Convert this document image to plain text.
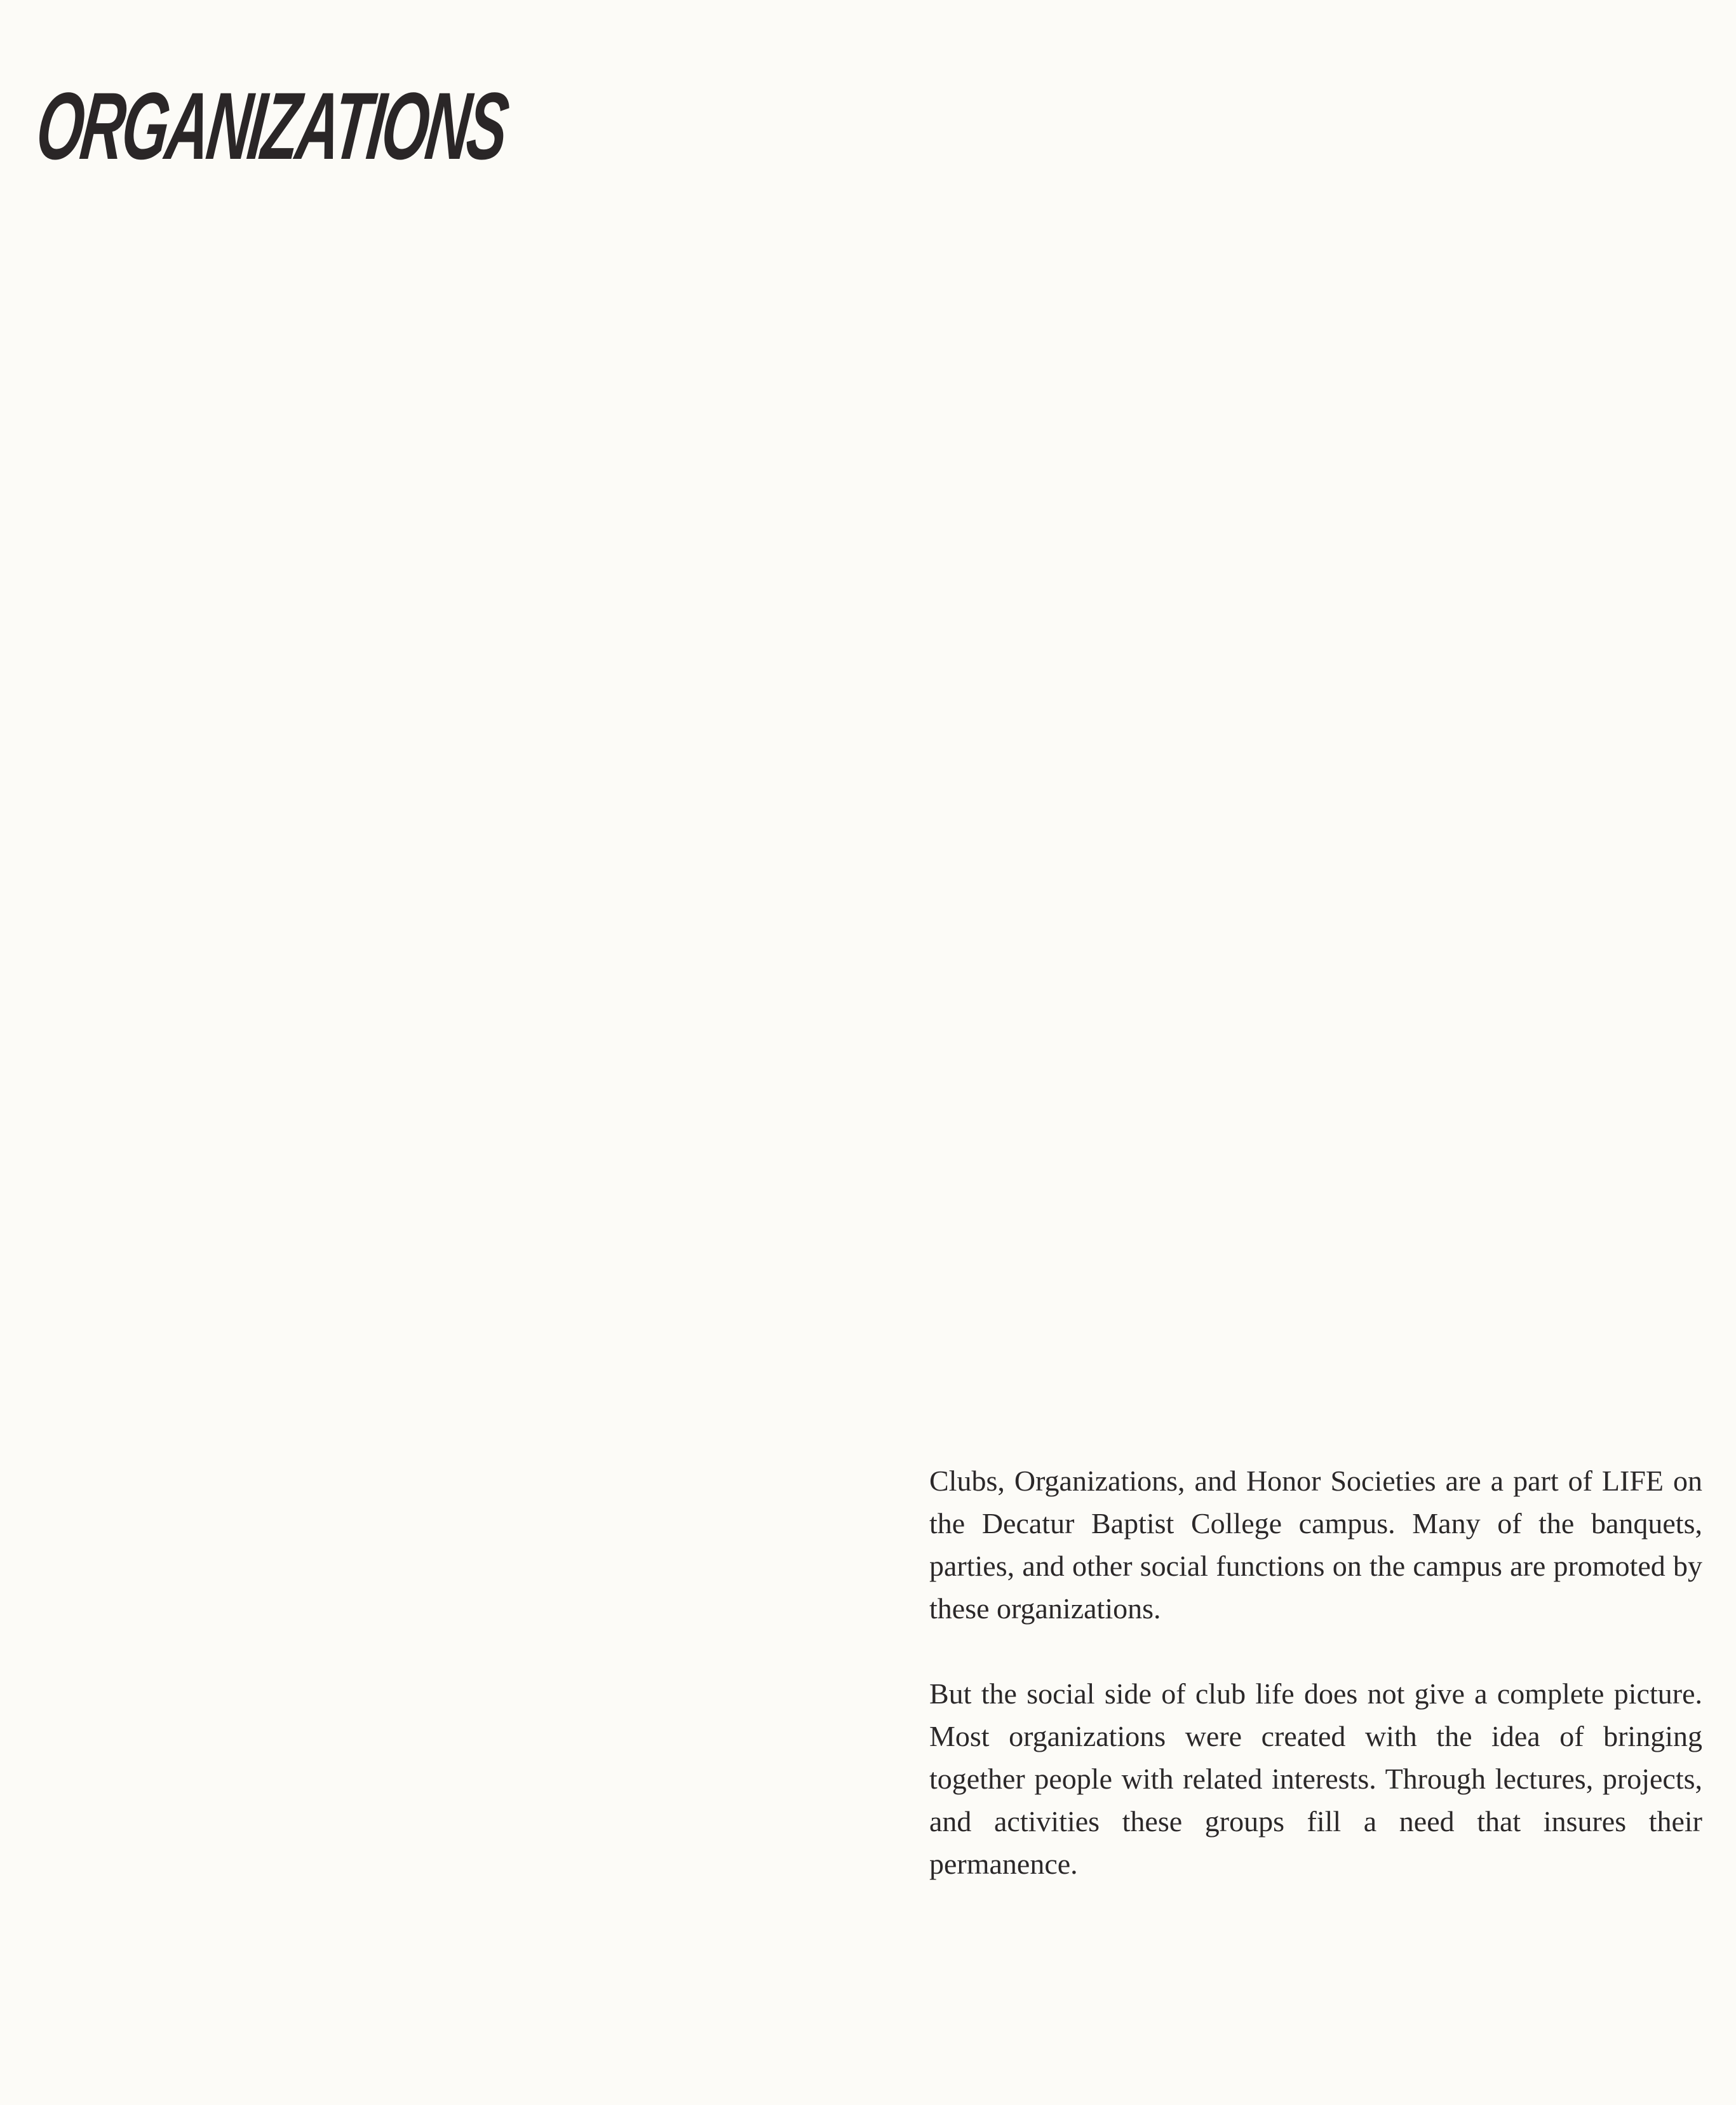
ORGANIZATIONS

Clubs, Organizations, and Honor Societies are a part of LIFE on the Decatur Baptist College campus. Many of the banquets, parties, and other social functions on the campus are promoted by these organizations.

But the social side of club life does not give a complete picture. Most organizations were created with the idea of bringing together people with related interests. Through lectures, projects, and activities these groups fill a need that insures their permanence.
